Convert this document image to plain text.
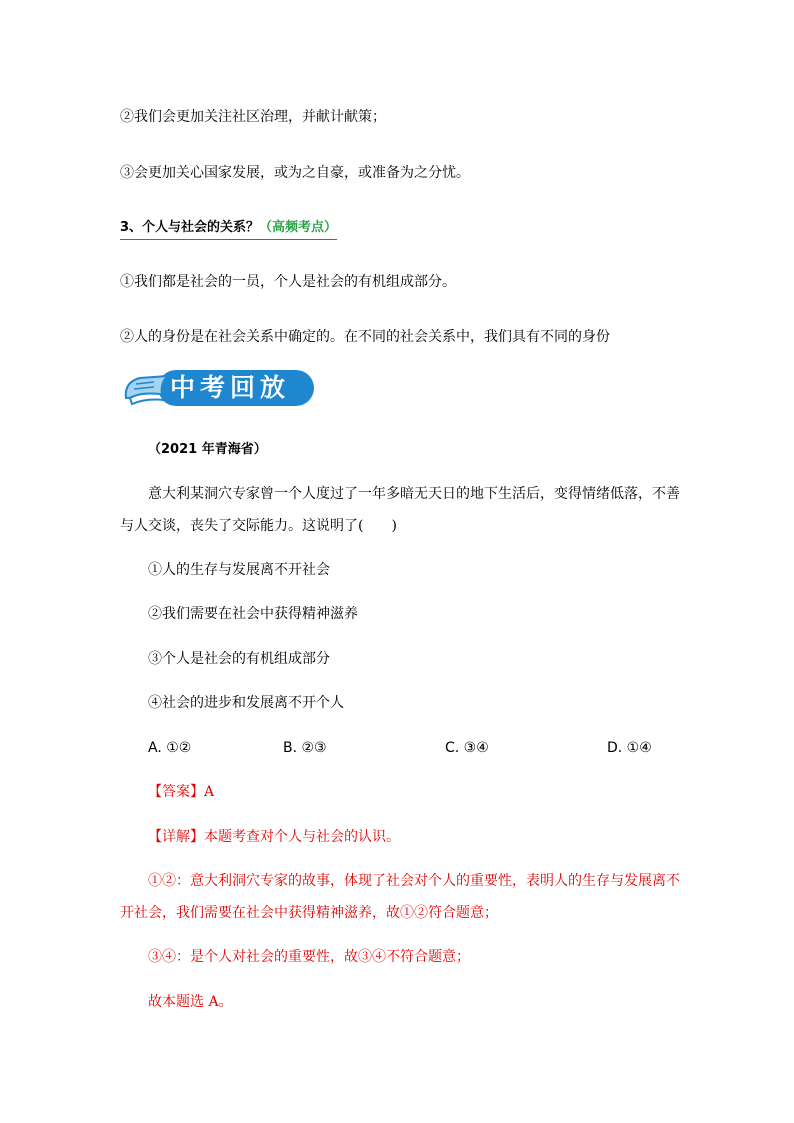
②我们会更加关注社区治理，并献计献策；
③会更加关心国家发展，或为之自豪，或准备为之分忧。
3、个人与社会的关系？（高频考点）
①我们都是社会的一员，个人是社会的有机组成部分。
②人的身份是在社会关系中确定的。在不同的社会关系中，我们具有不同的身份
中考回放
（2021 年青海省）
意大利某洞穴专家曾一个人度过了一年多暗无天日的地下生活后，变得情绪低落，不善
与人交谈，丧失了交际能力。这说明了(　　)
①人的生存与发展离不开社会
②我们需要在社会中获得精神滋养
③个人是社会的有机组成部分
④社会的进步和发展离不开个人
A. ①②	B. ②③	C. ③④	D. ①④
【答案】A
【详解】本题考查对个人与社会的认识。
①②：意大利洞穴专家的故事，体现了社会对个人的重要性，表明人的生存与发展离不
开社会，我们需要在社会中获得精神滋养，故①②符合题意；
③④：是个人对社会的重要性，故③④不符合题意；
故本题选 A。
